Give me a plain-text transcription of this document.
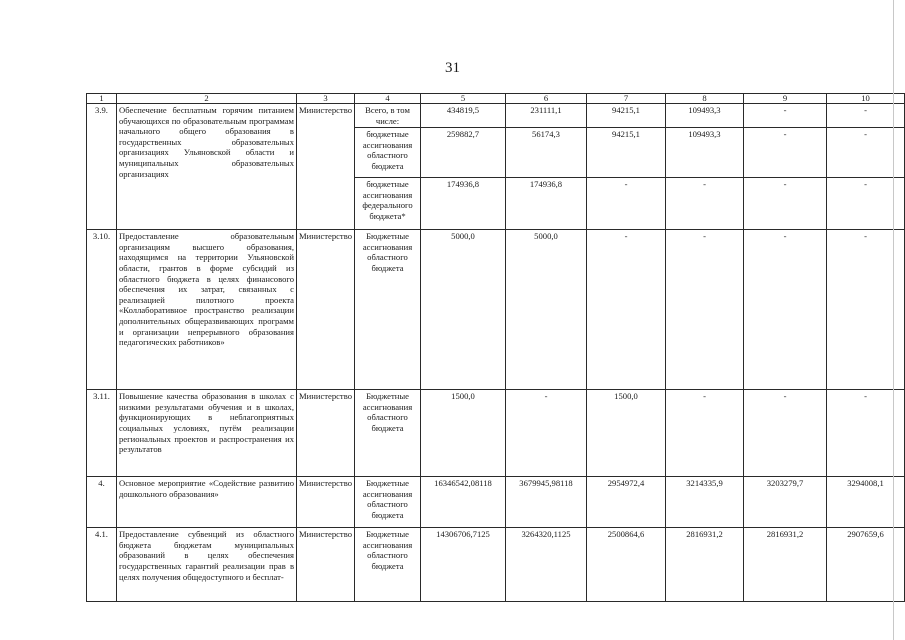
31
1	2	3	4	5	6	7	8	9	10
3.9.	Обеспечение бесплатным горячим питанием обучающихся по образовательным программам начального общего образования в государственных образовательных организациях Ульяновской области и муниципальных образовательных организациях	Министерство	Всего, в том числе:	434819,5	231111,1	94215,1	109493,3	-	-
			бюджетные ассигнования областного бюджета	259882,7	56174,3	94215,1	109493,3	-	-
			бюджетные ассигнования федерального бюджета*	174936,8	174936,8	-	-	-	-
3.10.	Предоставление образовательным организациям высшего образования, находящимся на территории Ульяновской области, грантов в форме субсидий из областного бюджета в целях финансового обеспечения их затрат, связанных с реализацией пилотного проекта «Коллаборативное пространство реализации дополнительных общеразвивающих программ и организации непрерывного образования педагогических работников»	Министерство	Бюджетные ассигнования областного бюджета	5000,0	5000,0	-	-	-	-
3.11.	Повышение качества образования в школах с низкими результатами обучения и в школах, функционирующих в неблагоприятных социальных условиях, путём реализации региональных проектов и распространения их результатов	Министерство	Бюджетные ассигнования областного бюджета	1500,0	-	1500,0	-	-	-
4.	Основное мероприятие «Содействие развитию дошкольного образования»	Министерство	Бюджетные ассигнования областного бюджета	16346542,08118	3679945,98118	2954972,4	3214335,9	3203279,7	3294008,1
4.1.	Предоставление субвенций из областного бюджета бюджетам муниципальных образований в целях обеспечения государственных гарантий реализации прав в целях получения общедоступного и бесплат-	Министерство	Бюджетные ассигнования областного бюджета	14306706,7125	3264320,1125	2500864,6	2816931,2	2816931,2	2907659,6
